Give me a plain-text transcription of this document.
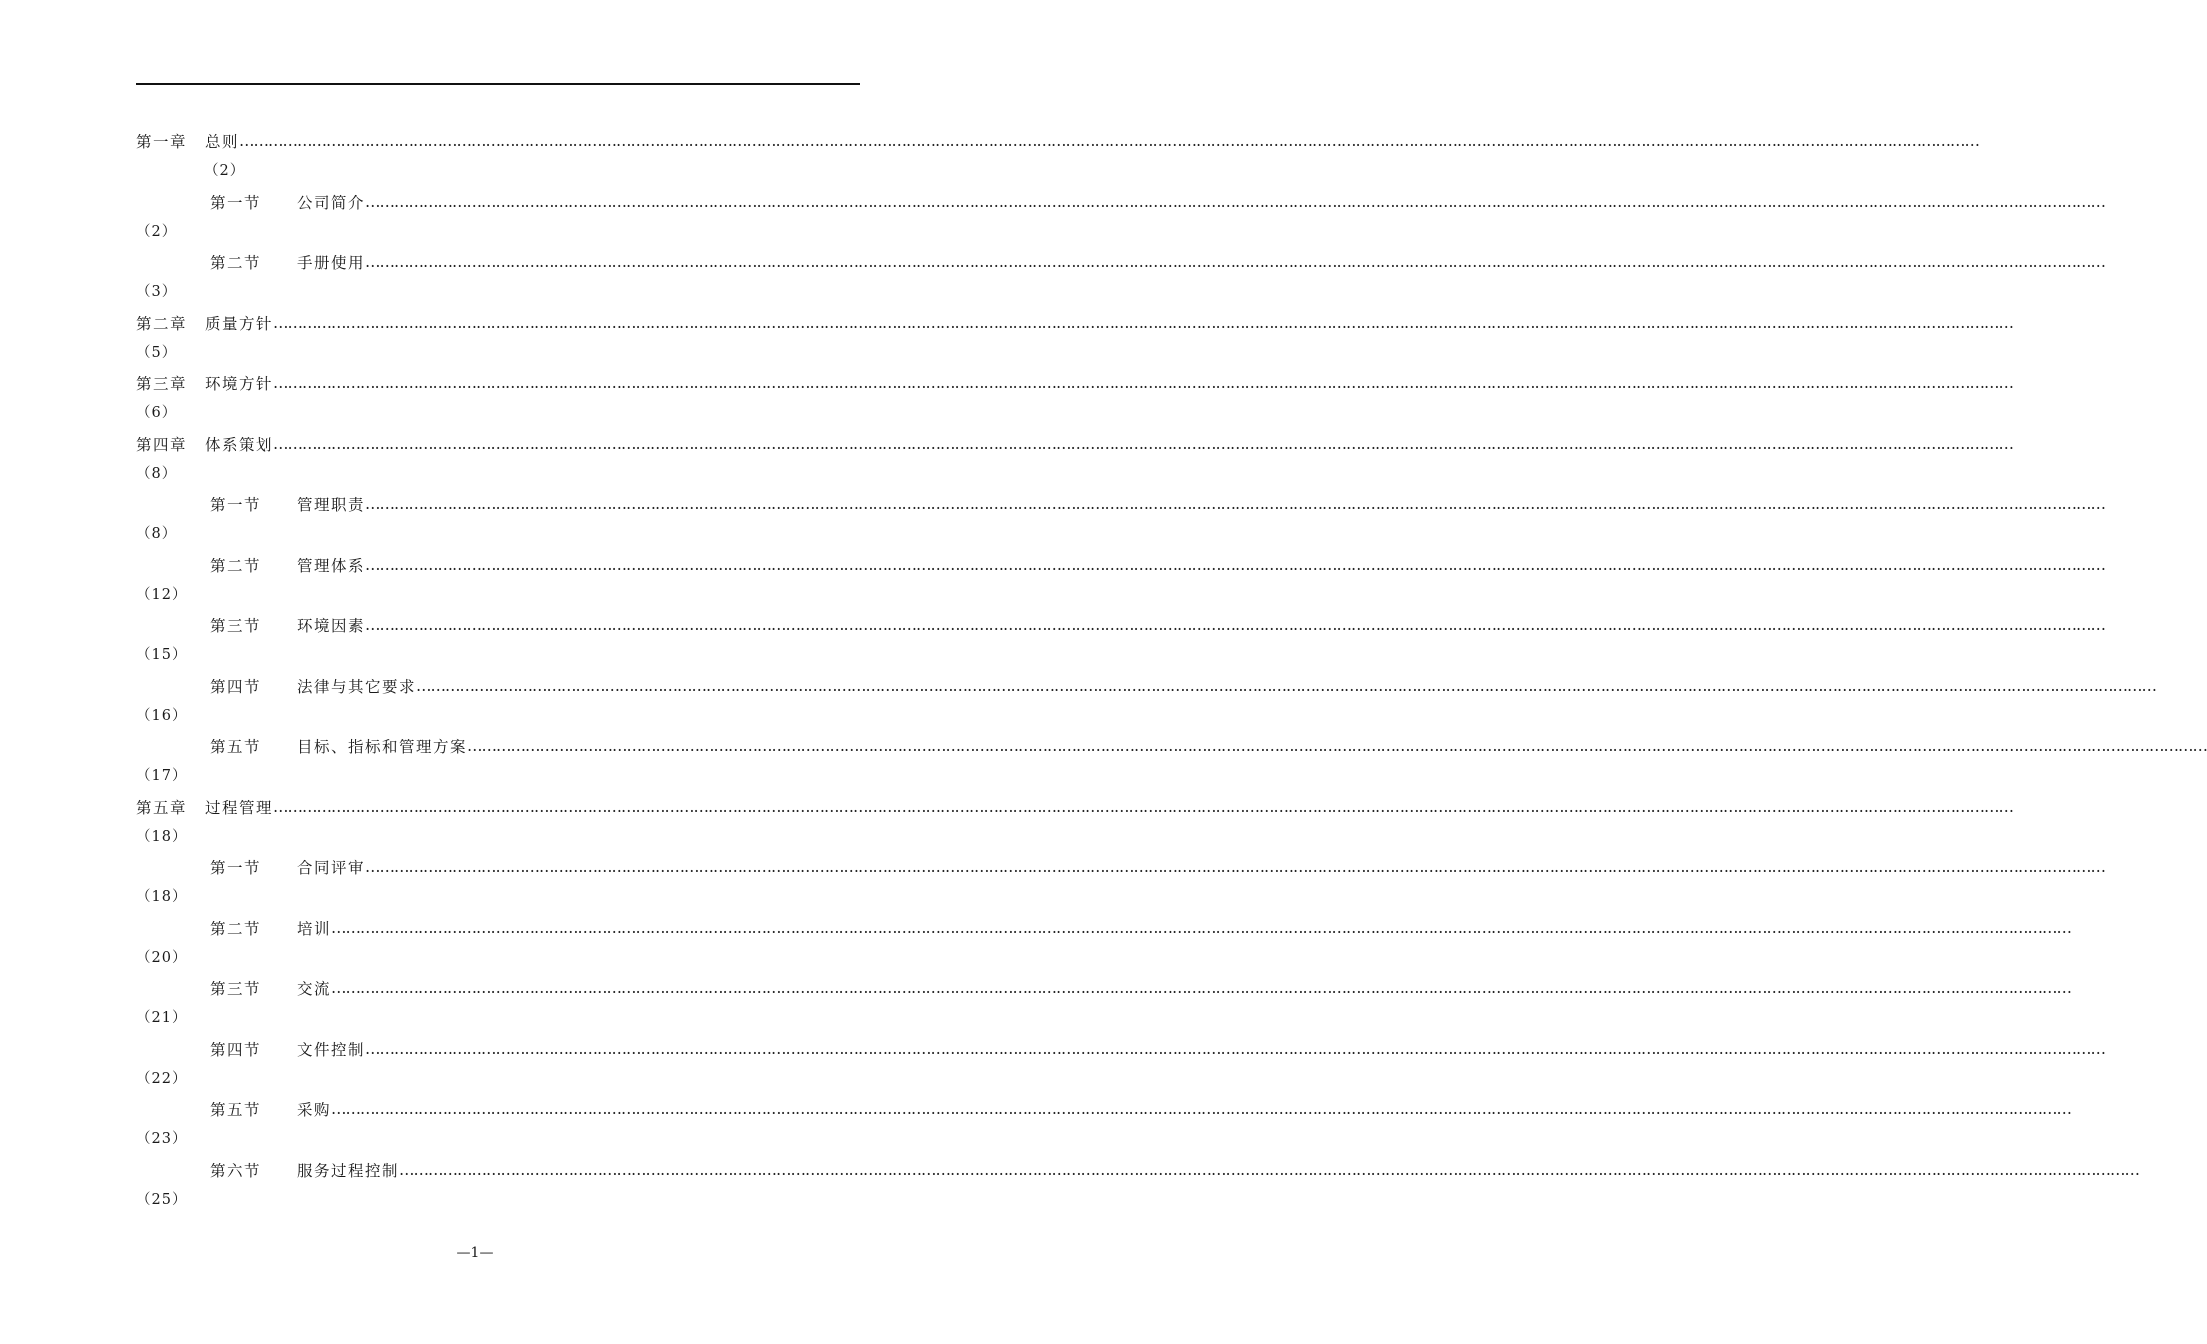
第一章 总则 ………………………………………………………………………………………………………………………………………………………………………………………………………………………………………………………………………………………………………………………………
（2）
第一节 公司简介 ………………………………………………………………………………………………………………………………………………………………………………………………………………………………………………………………………………………………………………………………
（2）
第二节 手册使用 ………………………………………………………………………………………………………………………………………………………………………………………………………………………………………………………………………………………………………………………………
（3）
第二章 质量方针 ………………………………………………………………………………………………………………………………………………………………………………………………………………………………………………………………………………………………………………………………
（5）
第三章 环境方针 ………………………………………………………………………………………………………………………………………………………………………………………………………………………………………………………………………………………………………………………………
（6）
第四章 体系策划 ………………………………………………………………………………………………………………………………………………………………………………………………………………………………………………………………………………………………………………………………
（8）
第一节 管理职责 ………………………………………………………………………………………………………………………………………………………………………………………………………………………………………………………………………………………………………………………………
（8）
第二节 管理体系 ………………………………………………………………………………………………………………………………………………………………………………………………………………………………………………………………………………………………………………………………
（12）
第三节 环境因素 ………………………………………………………………………………………………………………………………………………………………………………………………………………………………………………………………………………………………………………………………
（15）
第四节 法律与其它要求 ………………………………………………………………………………………………………………………………………………………………………………………………………………………………………………………………………………………………………………………………
（16）
第五节 目标、指标和管理方案 ………………………………………………………………………………………………………………………………………………………………………………………………………………………………………………………………………………………………………………………………
（17）
第五章 过程管理 ………………………………………………………………………………………………………………………………………………………………………………………………………………………………………………………………………………………………………………………………
（18）
第一节 合同评审 ………………………………………………………………………………………………………………………………………………………………………………………………………………………………………………………………………………………………………………………………
（18）
第二节 培训 ………………………………………………………………………………………………………………………………………………………………………………………………………………………………………………………………………………………………………………………………
（20）
第三节 交流 ………………………………………………………………………………………………………………………………………………………………………………………………………………………………………………………………………………………………………………………………
（21）
第四节 文件控制 ………………………………………………………………………………………………………………………………………………………………………………………………………………………………………………………………………………………………………………………………
（22）
第五节 采购 ………………………………………………………………………………………………………………………………………………………………………………………………………………………………………………………………………………………………………………………………
（23）
第六节 服务过程控制 ………………………………………………………………………………………………………………………………………………………………………………………………………………………………………………………………………………………………………………………………
（25）
—1—
